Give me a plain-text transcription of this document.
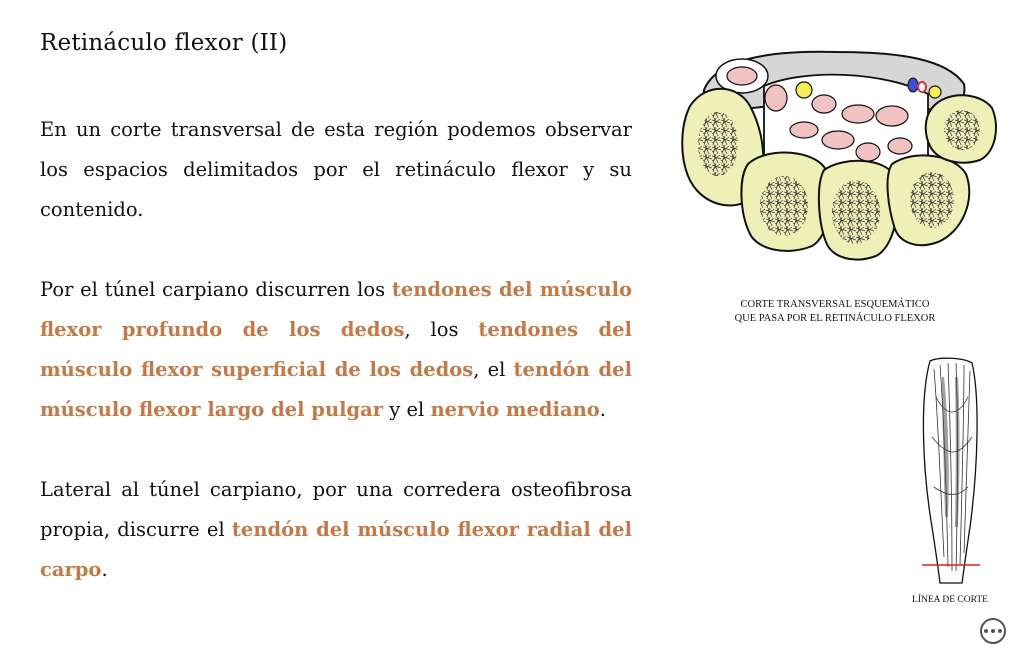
Retináculo flexor (II)

En un corte transversal de esta región podemos observar los espacios delimitados por el retináculo flexor y su contenido.

Por el túnel carpiano discurren los tendones del músculo flexor profundo de los dedos, los tendones del músculo flexor superficial de los dedos, el tendón del músculo flexor largo del pulgar y el nervio mediano.

Lateral al túnel carpiano, por una corredera osteofibrosa propia, discurre el tendón del músculo flexor radial del carpo.

CORTE TRANSVERSAL ESQUEMÁTICO
QUE PASA POR EL RETINÁCULO FLEXOR
LÍNEA DE CORTE
